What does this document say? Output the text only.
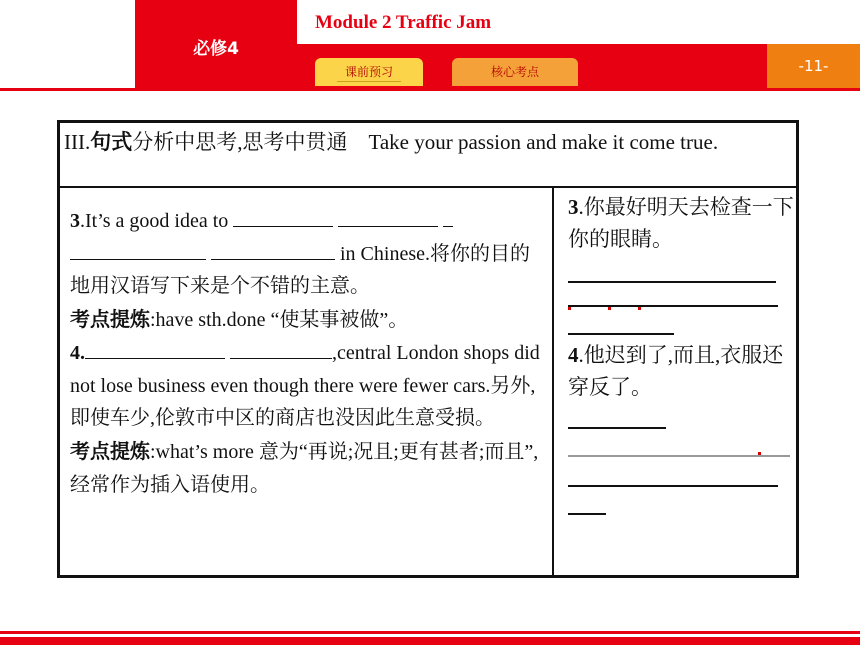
必修4
Module 2 Traffic Jam
课前预习	核心考点	-11-
III.句式分析中思考,思考中贯通 Take your passion and make it come true.
3.It’s a good idea to
in Chinese.将你的目的地用汉语写下来是个不错的主意。
考点提炼:have sth.done “使某事被做”。
4.	,central London shops did not lose business even though there were fewer cars.另外,即使车少,伦敦市中区的商店也没因此生意受损。
考点提炼:what’s more 意为“再说;况且;更有甚者;而且”,经常作为插入语使用。
3.你最好明天去检查一下你的眼睛。
4.他迟到了,而且,衣服还穿反了。
